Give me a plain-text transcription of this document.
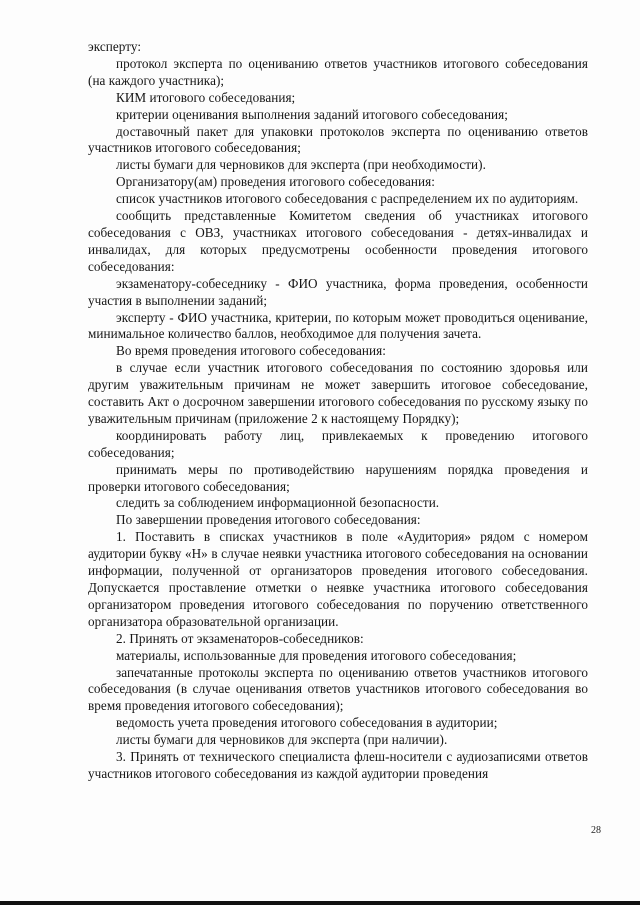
эксперту:

протокол эксперта по оцениванию ответов участников итогового собеседования (на каждого участника);

КИМ итогового собеседования;

критерии оценивания выполнения заданий итогового собеседования;

доставочный пакет для упаковки протоколов эксперта по оцениванию ответов участников итогового собеседования;

листы бумаги для черновиков для эксперта (при необходимости).

Организатору(ам) проведения итогового собеседования:

список участников итогового собеседования с распределением их по аудиториям.

сообщить представленные Комитетом сведения об участниках итогового собеседования с ОВЗ, участниках итогового собеседования - детях-инвалидах и инвалидах, для которых предусмотрены особенности проведения итогового собеседования:

экзаменатору-собеседнику - ФИО участника, форма проведения, особенности участия в выполнении заданий;

эксперту - ФИО участника, критерии, по которым может проводиться оценивание, минимальное количество баллов, необходимое для получения зачета.

Во время проведения итогового собеседования:

в случае если участник итогового собеседования по состоянию здоровья или другим уважительным причинам не может завершить итоговое собеседование, составить Акт о досрочном завершении итогового собеседования по русскому языку по уважительным причинам (приложение 2 к настоящему Порядку);

координировать работу лиц, привлекаемых к проведению итогового собеседования;

принимать меры по противодействию нарушениям порядка проведения и проверки итогового собеседования;

следить за соблюдением информационной безопасности.

По завершении проведения итогового собеседования:

1. Поставить в списках участников в поле «Аудитория» рядом с номером аудитории букву «Н» в случае неявки участника итогового собеседования на основании информации, полученной от организаторов проведения итогового собеседования. Допускается проставление отметки о неявке участника итогового собеседования организатором проведения итогового собеседования по поручению ответственного организатора образовательной организации.

2. Принять от экзаменаторов-собеседников:

материалы, использованные для проведения итогового собеседования;

запечатанные протоколы эксперта по оцениванию ответов участников итогового собеседования (в случае оценивания ответов участников итогового собеседования во время проведения итогового собеседования);

ведомость учета проведения итогового собеседования в аудитории;

листы бумаги для черновиков для эксперта (при наличии).

3. Принять от технического специалиста флеш-носители с аудиозаписями ответов участников итогового собеседования из каждой аудитории проведения

28
